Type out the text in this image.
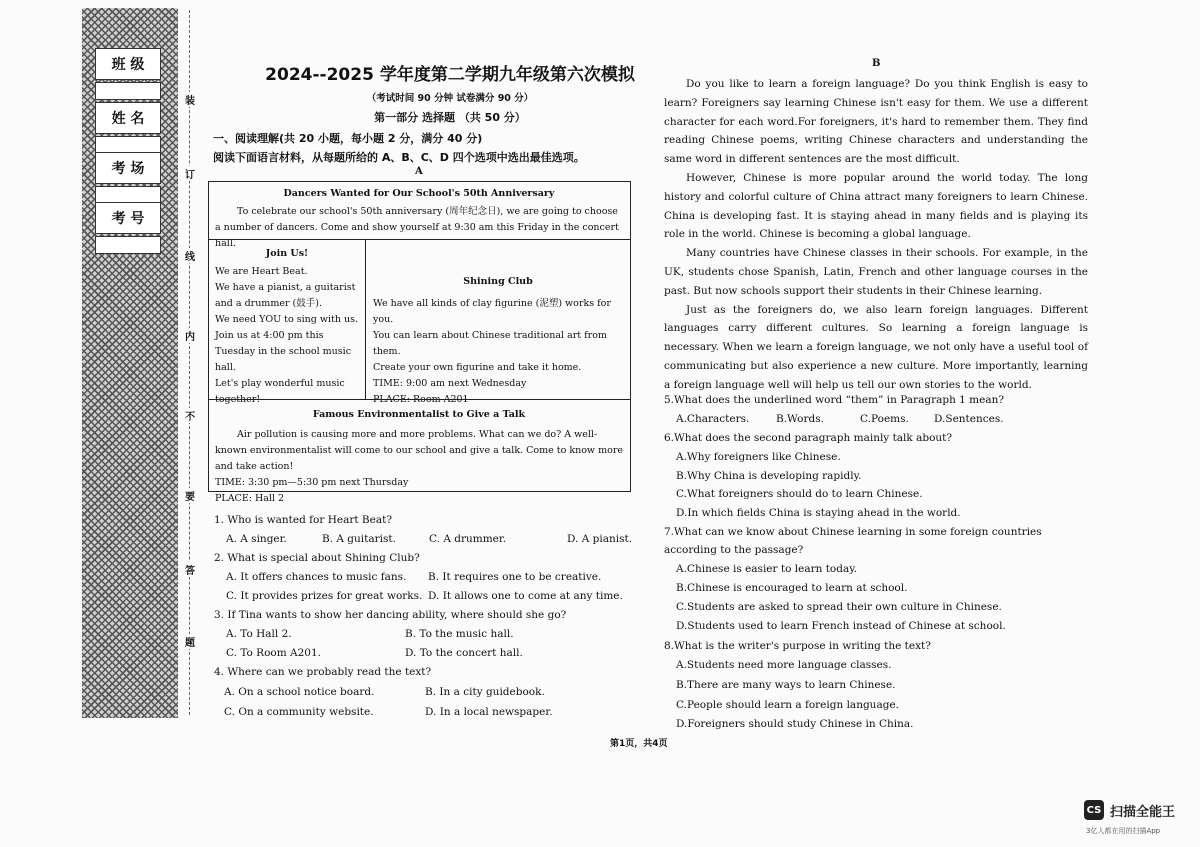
班 级
姓 名
考 场
考 号
装
订
线
内
不
要
答
题
2024--2025 学年度第二学期九年级第六次模拟
（考试时间 90 分钟 试卷满分 90 分）
第一部分 选择题 （共 50 分）
一、阅读理解(共 20 小题，每小题 2 分，满分 40 分)
阅读下面语言材料，从每题所给的 A、B、C、D 四个选项中选出最佳选项。
A
Dancers Wanted for Our School's 50th Anniversary

To celebrate our school's 50th anniversary (周年纪念日), we are going to choose a number of dancers. Come and show yourself at 9:30 am this Friday in the concert hall.

Join Us!

We are Heart Beat.

We have a pianist, a guitarist and a drummer (鼓手).

We need YOU to sing with us.

Join us at 4:00 pm this Tuesday in the school music hall.

Let's play wonderful music together!

Shining Club

We have all kinds of clay figurine (泥塑) works for you.

You can learn about Chinese traditional art from them.

Create your own figurine and take it home.

TIME: 9:00 am next Wednesday

PLACE: Room A201

Famous Environmentalist to Give a Talk

Air pollution is causing more and more problems. What can we do? A well-known environmentalist will come to our school and give a talk. Come to know more and take action!

TIME: 3:30 pm—5:30 pm next Thursday

PLACE: Hall 2

1. Who is wanted for Heart Beat?
A. A singer.	B. A guitarist.	C. A drummer.	D. A pianist.
2. What is special about Shining Club?
A. It offers chances to music fans. B. It requires one to be creative.
C. It provides prizes for great works. D. It allows one to come at any time.
3. If Tina wants to show her dancing ability, where should she go?
A. To Hall 2.	B. To the music hall.
C. To Room A201.	D. To the concert hall.
4. Where can we probably read the text?
A. On a school notice board.	B. In a city guidebook.
C. On a community website.	D. In a local newspaper.
B

Do you like to learn a foreign language? Do you think English is easy to learn? Foreigners say learning Chinese isn't easy for them. We use a different character for each word.For foreigners, it's hard to remember them. They find reading Chinese poems, writing Chinese characters and understanding the same word in different sentences are the most difficult.

However, Chinese is more popular around the world today. The long history and colorful culture of China attract many foreigners to learn Chinese. China is developing fast. It is staying ahead in many fields and is playing its role in the world. Chinese is becoming a global language.

Many countries have Chinese classes in their schools. For example, in the UK, students chose Spanish, Latin, French and other language courses in the past. But now schools support their students in their Chinese learning.

Just as the foreigners do, we also learn foreign languages. Different languages carry different cultures. So learning a foreign language is necessary. When we learn a foreign language, we not only have a useful tool of communicating but also experience a new culture. More importantly, learning a foreign language well will help us tell our own stories to the world.

5.What does the underlined word “them” in Paragraph 1 mean?
A.Characters.	B.Words.	C.Poems. D.Sentences.
6.What does the second paragraph mainly talk about?
A.Why foreigners like Chinese.
B.Why China is developing rapidly.
C.What foreigners should do to learn Chinese.
D.In which fields China is staying ahead in the world.
7.What can we know about Chinese learning in some foreign countries
according to the passage?
A.Chinese is easier to learn today.
B.Chinese is encouraged to learn at school.
C.Students are asked to spread their own culture in Chinese.
D.Students used to learn French instead of Chinese at school.
8.What is the writer's purpose in writing the text?
A.Students need more language classes.
B.There are many ways to learn Chinese.
C.People should learn a foreign language.
D.Foreigners should study Chinese in China.
第1页，共4页
CS 扫描全能王
3亿人都在用的扫描App
